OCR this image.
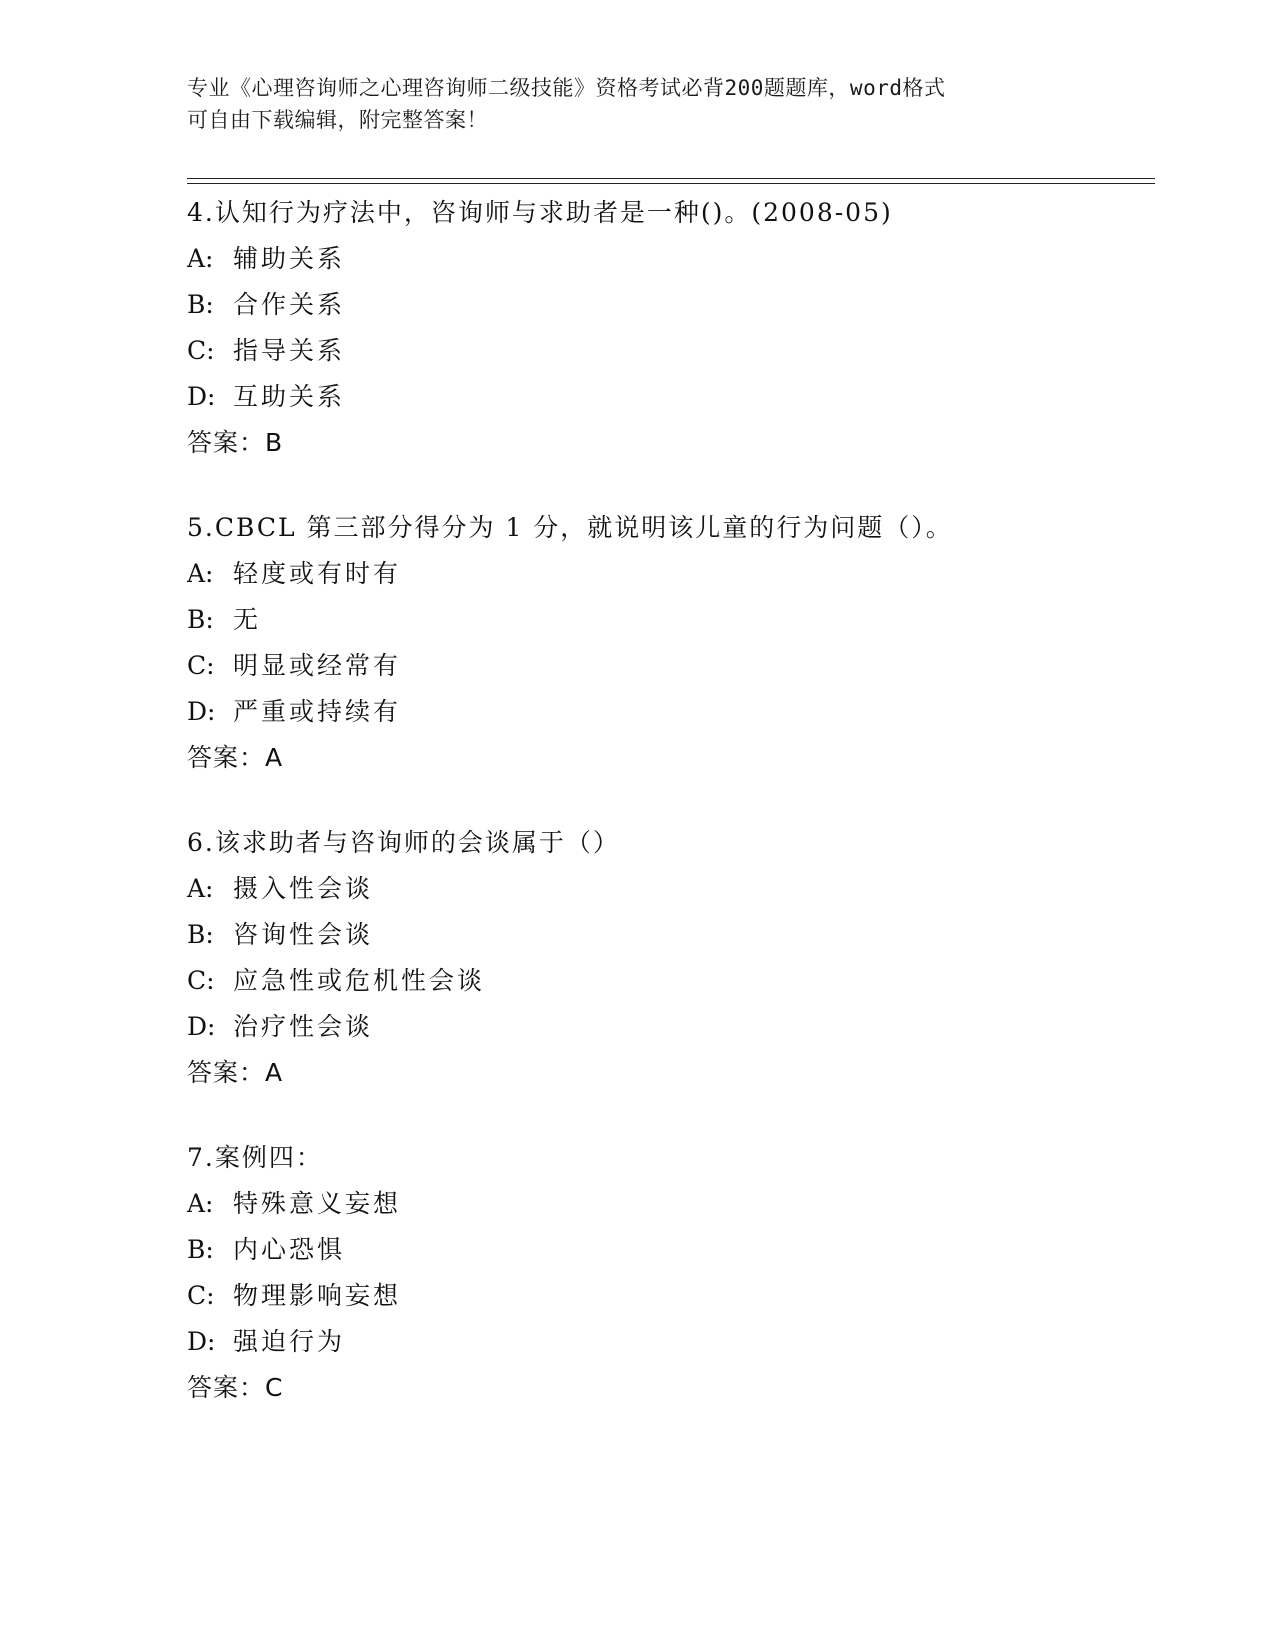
专业《心理咨询师之心理咨询师二级技能》资格考试必背200题题库，word格式
可自由下载编辑，附完整答案！
4.认知行为疗法中，咨询师与求助者是一种()。(2008-05)
A: 辅助关系
B: 合作关系
C: 指导关系
D: 互助关系
答案：B
5.CBCL 第三部分得分为 1 分，就说明该儿童的行为问题（）。
A: 轻度或有时有
B: 无
C: 明显或经常有
D: 严重或持续有
答案：A
6.该求助者与咨询师的会谈属于（）
A: 摄入性会谈
B: 咨询性会谈
C: 应急性或危机性会谈
D: 治疗性会谈
答案：A
7.案例四：
A: 特殊意义妄想
B: 内心恐惧
C: 物理影响妄想
D: 强迫行为
答案：C
